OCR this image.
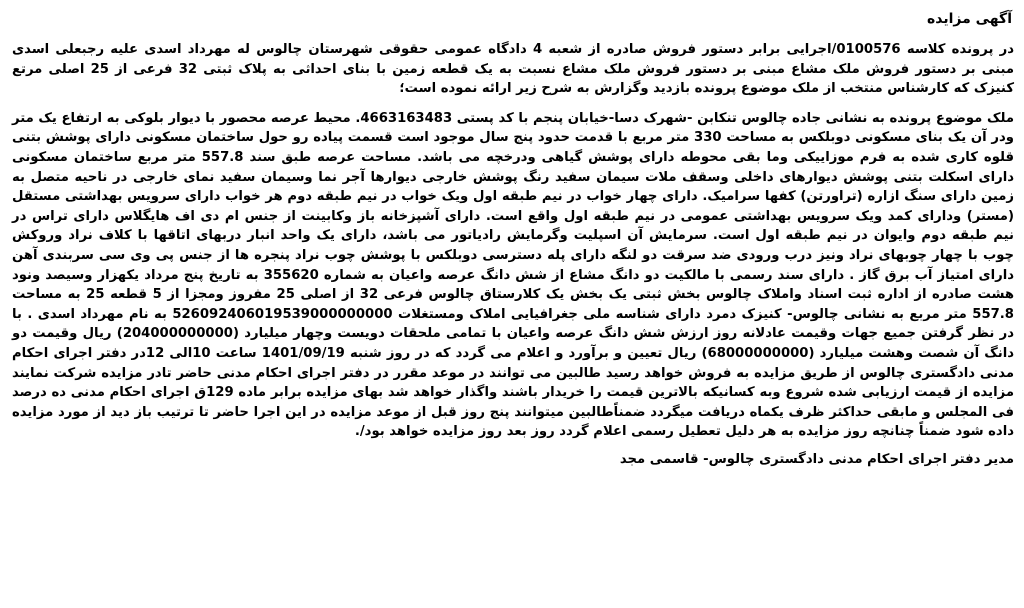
آگهی مزایده

در پرونده کلاسه 0100576/اجرایی برابر دستور فروش صادره از شعبه 4 دادگاه عمومی حقوقی شهرستان چالوس له مهرداد اسدی علیه رجبعلی اسدی مبنی بر دستور فروش ملک مشاع مبنی بر دستور فروش ملک مشاع نسبت به یک قطعه زمین با بنای احداثی به پلاک ثبتی 32 فرعی از 25 اصلی مرتع کنیزک که کارشناس منتخب از ملک موضوع پرونده بازدید وگزارش به شرح زیر ارائه نموده است؛

ملک موضوع پرونده به نشانی جاده چالوس تنکابن -شهرک دسا-خیابان پنجم با کد پستی 4663163483. محیط عرصه محصور با دیوار بلوکی به ارتفاع یک متر ودر آن یک بنای مسکونی دوبلکس به مساحت 330 متر مربع با قدمت حدود پنج سال موجود است قسمت پیاده رو حول ساختمان مسکونی دارای پوشش بتنی قلوه کاری شده به فرم موزاییکی وما بقی محوطه دارای پوشش گیاهی ودرخچه می باشد. مساحت عرصه طبق سند 557.8 متر مربع ساختمان مسکونی دارای اسکلت بتنی پوشش دیوارهای داخلی وسقف ملات سیمان سفید رنگ پوشش خارجی دیوارها آجر نما وسیمان سفید نمای خارجی در ناحیه متصل به زمین دارای سنگ ازاره (تراورتن) کفها سرامیک. دارای چهار خواب در نیم طبقه اول ویک خواب در نیم طبقه دوم هر خواب دارای سرویس بهداشتی مستقل (مستر) ودارای کمد ویک سرویس بهداشتی عمومی در نیم طبقه اول واقع است. دارای آشپزخانه باز وکابینت از جنس ام دی اف هایگلاس دارای تراس در نیم طبقه دوم وایوان در نیم طبقه اول است. سرمایش آن اسپلیت وگرمایش رادیاتور می باشد، دارای یک واحد انبار دربهای اتاقها با کلاف نراد وروکش چوب با چهار چوبهای نراد ونیز درب ورودی ضد سرقت دو لنگه دارای پله دسترسی دوبلکس با پوشش چوب نراد پنجره ها از جنس پی وی سی سربندی آهن دارای امتیاز آب برق گاز . دارای سند رسمی با مالکیت دو دانگ مشاع از شش دانگ عرصه واعیان به شماره 355620 به تاریخ پنج مرداد یکهزار وسیصد ونود هشت صادره از اداره ثبت اسناد واملاک چالوس بخش ثبتی یک بخش یک کلارستاق چالوس فرعی 32 از اصلی 25 مفروز ومجزا از 5 قطعه 25 به مساحت 557.8 متر مربع به نشانی چالوس- کنیزک دمرد دارای شناسه ملی جغرافیایی املاک ومستغلات 526092406019539000000000 به نام مهرداد اسدی . با در نظر گرفتن جمیع جهات وقیمت عادلانه روز ارزش شش دانگ عرصه واعیان با تمامی ملحقات دویست وچهار میلیارد (204000000000) ریال وقیمت دو دانگ آن شصت وهشت میلیارد (68000000000) ریال تعیین و برآورد و اعلام می گردد که در روز شنبه 1401/09/19 ساعت 10الی 12در دفتر اجرای احکام مدنی دادگستری چالوس از طریق مزایده به فروش خواهد رسید طالبین می توانند در موعد مقرر در دفتر اجرای احکام مدنی حاضر تادر مزایده شرکت نمایند مزایده از قیمت ارزیابی شده شروع وبه کسانیکه بالاترین قیمت را خریدار باشند واگذار خواهد شد بهای مزایده برابر ماده 129ق اجرای احکام مدنی ده درصد فی المجلس و مابقی حداکثر ظرف یکماه دریافت میگردد ضمناًطالبین میتوانند پنج روز قبل از موعد مزایده در این اجرا حاضر تا ترتیب باز دید از مورد مزایده داده شود ضمناً چنانچه روز مزایده به هر دلیل تعطیل رسمی اعلام گردد روز بعد روز مزایده خواهد بود/.

مدیر دفتر اجرای احکام مدنی دادگستری چالوس- قاسمی مجد
